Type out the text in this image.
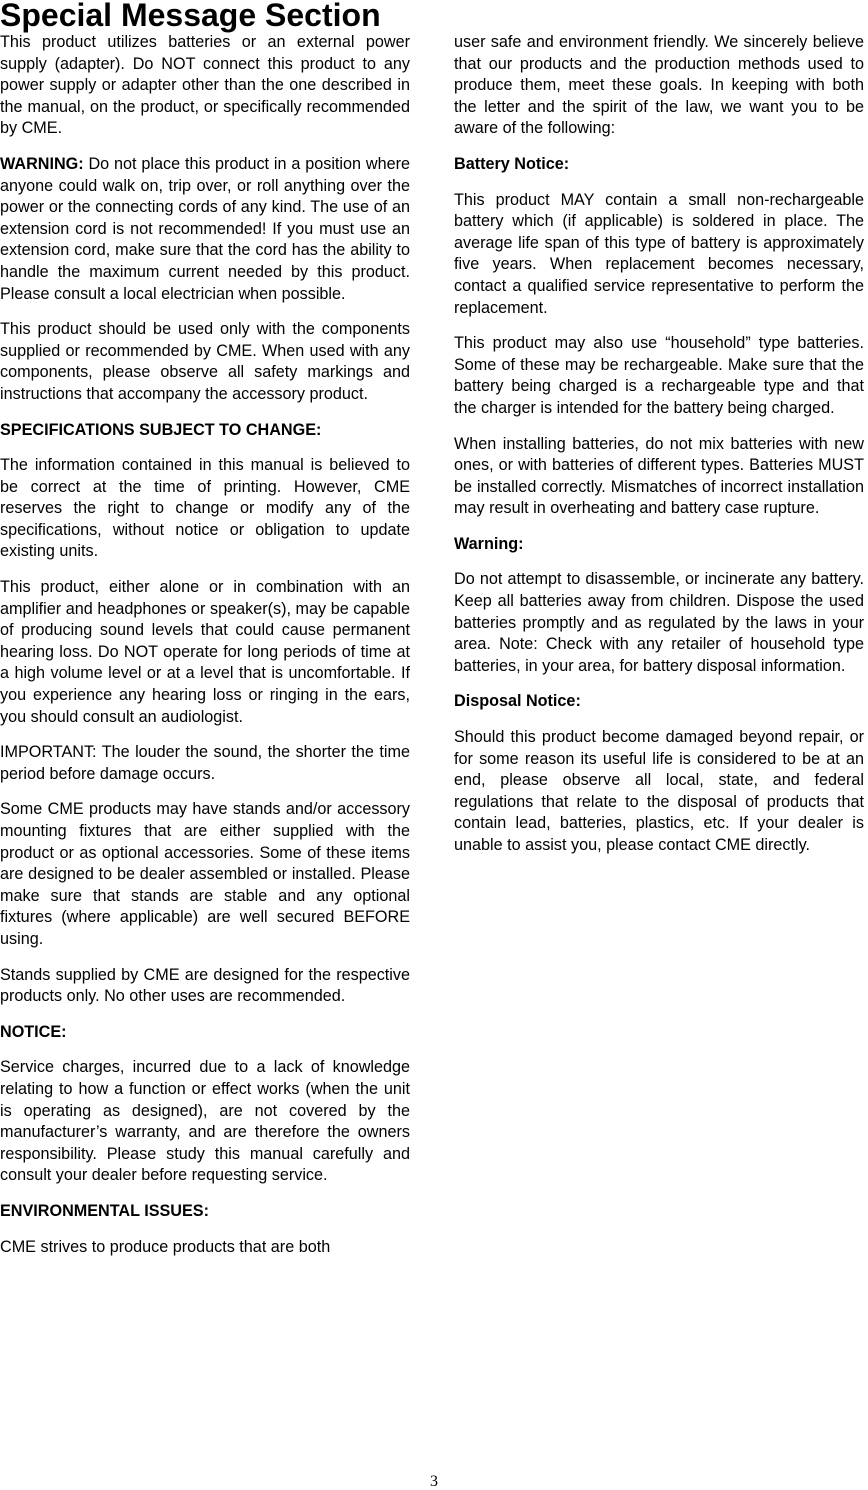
Special Message Section

This product utilizes batteries or an external power supply (adapter). Do NOT connect this product to any power supply or adapter other than the one described in the manual, on the product, or specifically recommended by CME.

WARNING: Do not place this product in a position where anyone could walk on, trip over, or roll anything over the power or the connecting cords of any kind. The use of an extension cord is not recommended! If you must use an extension cord, make sure that the cord has the ability to handle the maximum current needed by this product. Please consult a local electrician when possible.

This product should be used only with the components supplied or recommended by CME. When used with any components, please observe all safety markings and instructions that accompany the accessory product.

SPECIFICATIONS SUBJECT TO CHANGE:

The information contained in this manual is believed to be correct at the time of printing. However, CME reserves the right to change or modify any of the specifications, without notice or obligation to update existing units.

This product, either alone or in combination with an amplifier and headphones or speaker(s), may be capable of producing sound levels that could cause permanent hearing loss. Do NOT operate for long periods of time at a high volume level or at a level that is uncomfortable. If you experience any hearing loss or ringing in the ears, you should consult an audiologist.

IMPORTANT: The louder the sound, the shorter the time period before damage occurs.

Some CME products may have stands and/or accessory mounting fixtures that are either supplied with the product or as optional accessories. Some of these items are designed to be dealer assembled or installed. Please make sure that stands are stable and any optional fixtures (where applicable) are well secured BEFORE using.

Stands supplied by CME are designed for the respective products only. No other uses are recommended.

NOTICE:

Service charges, incurred due to a lack of knowledge relating to how a function or effect works (when the unit is operating as designed), are not covered by the manufacturer’s warranty, and are therefore the owners responsibility. Please study this manual carefully and consult your dealer before requesting service.

ENVIRONMENTAL ISSUES:

CME strives to produce products that are both

user safe and environment friendly. We sincerely believe that our products and the production methods used to produce them, meet these goals. In keeping with both the letter and the spirit of the law, we want you to be aware of the following:

Battery Notice:

This product MAY contain a small non-rechargeable battery which (if applicable) is soldered in place. The average life span of this type of battery is approximately five years. When replacement becomes necessary, contact a qualified service representative to perform the replacement.

This product may also use “household” type batteries. Some of these may be rechargeable. Make sure that the battery being charged is a rechargeable type and that the charger is intended for the battery being charged.

When installing batteries, do not mix batteries with new ones, or with batteries of different types. Batteries MUST be installed correctly. Mismatches of incorrect installation may result in overheating and battery case rupture.

Warning:

Do not attempt to disassemble, or incinerate any battery. Keep all batteries away from children. Dispose the used batteries promptly and as regulated by the laws in your area. Note: Check with any retailer of household type batteries, in your area, for battery disposal information.

Disposal Notice:

Should this product become damaged beyond repair, or for some reason its useful life is considered to be at an end, please observe all local, state, and federal regulations that relate to the disposal of products that contain lead, batteries, plastics, etc. If your dealer is unable to assist you, please contact CME directly.

3
